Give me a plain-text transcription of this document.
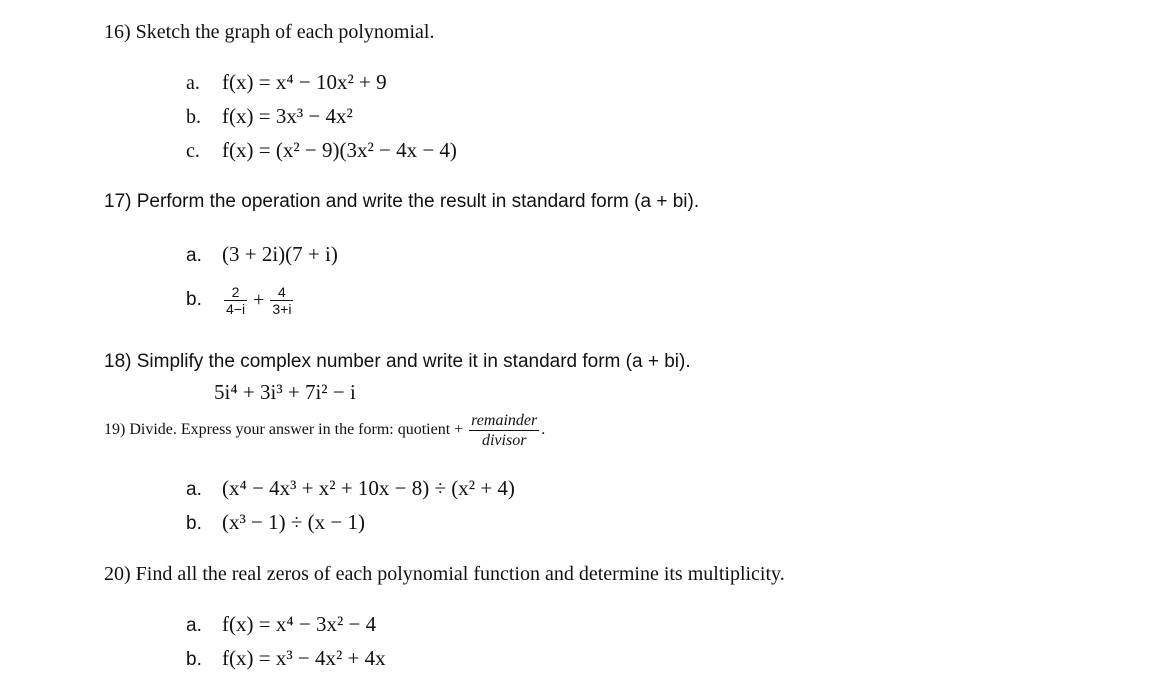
16) Sketch the graph of each polynomial.
a. f(x) = x⁴ − 10x² + 9
b. f(x) = 3x³ − 4x²
c. f(x) = (x² − 9)(3x² − 4x − 4)
17) Perform the operation and write the result in standard form (a + bi).
a. (3 + 2i)(7 + i)
b.	$\frac{2}{4-i} + \frac{4}{3+i}$
18) Simplify the complex number and write it in standard form (a + bi).
5i⁴ + 3i³ + 7i² − i
19) Divide. Express your answer in the form: quotient + $\frac{\text{remainder}}{\text{divisor}}$ .
a. (x⁴ − 4x³ + x² + 10x − 8) ÷ (x² + 4)
b. (x³ − 1) ÷ (x − 1)
20) Find all the real zeros of each polynomial function and determine its multiplicity.
a. f(x) = x⁴ − 3x² − 4
b. f(x) = x³ − 4x² + 4x
